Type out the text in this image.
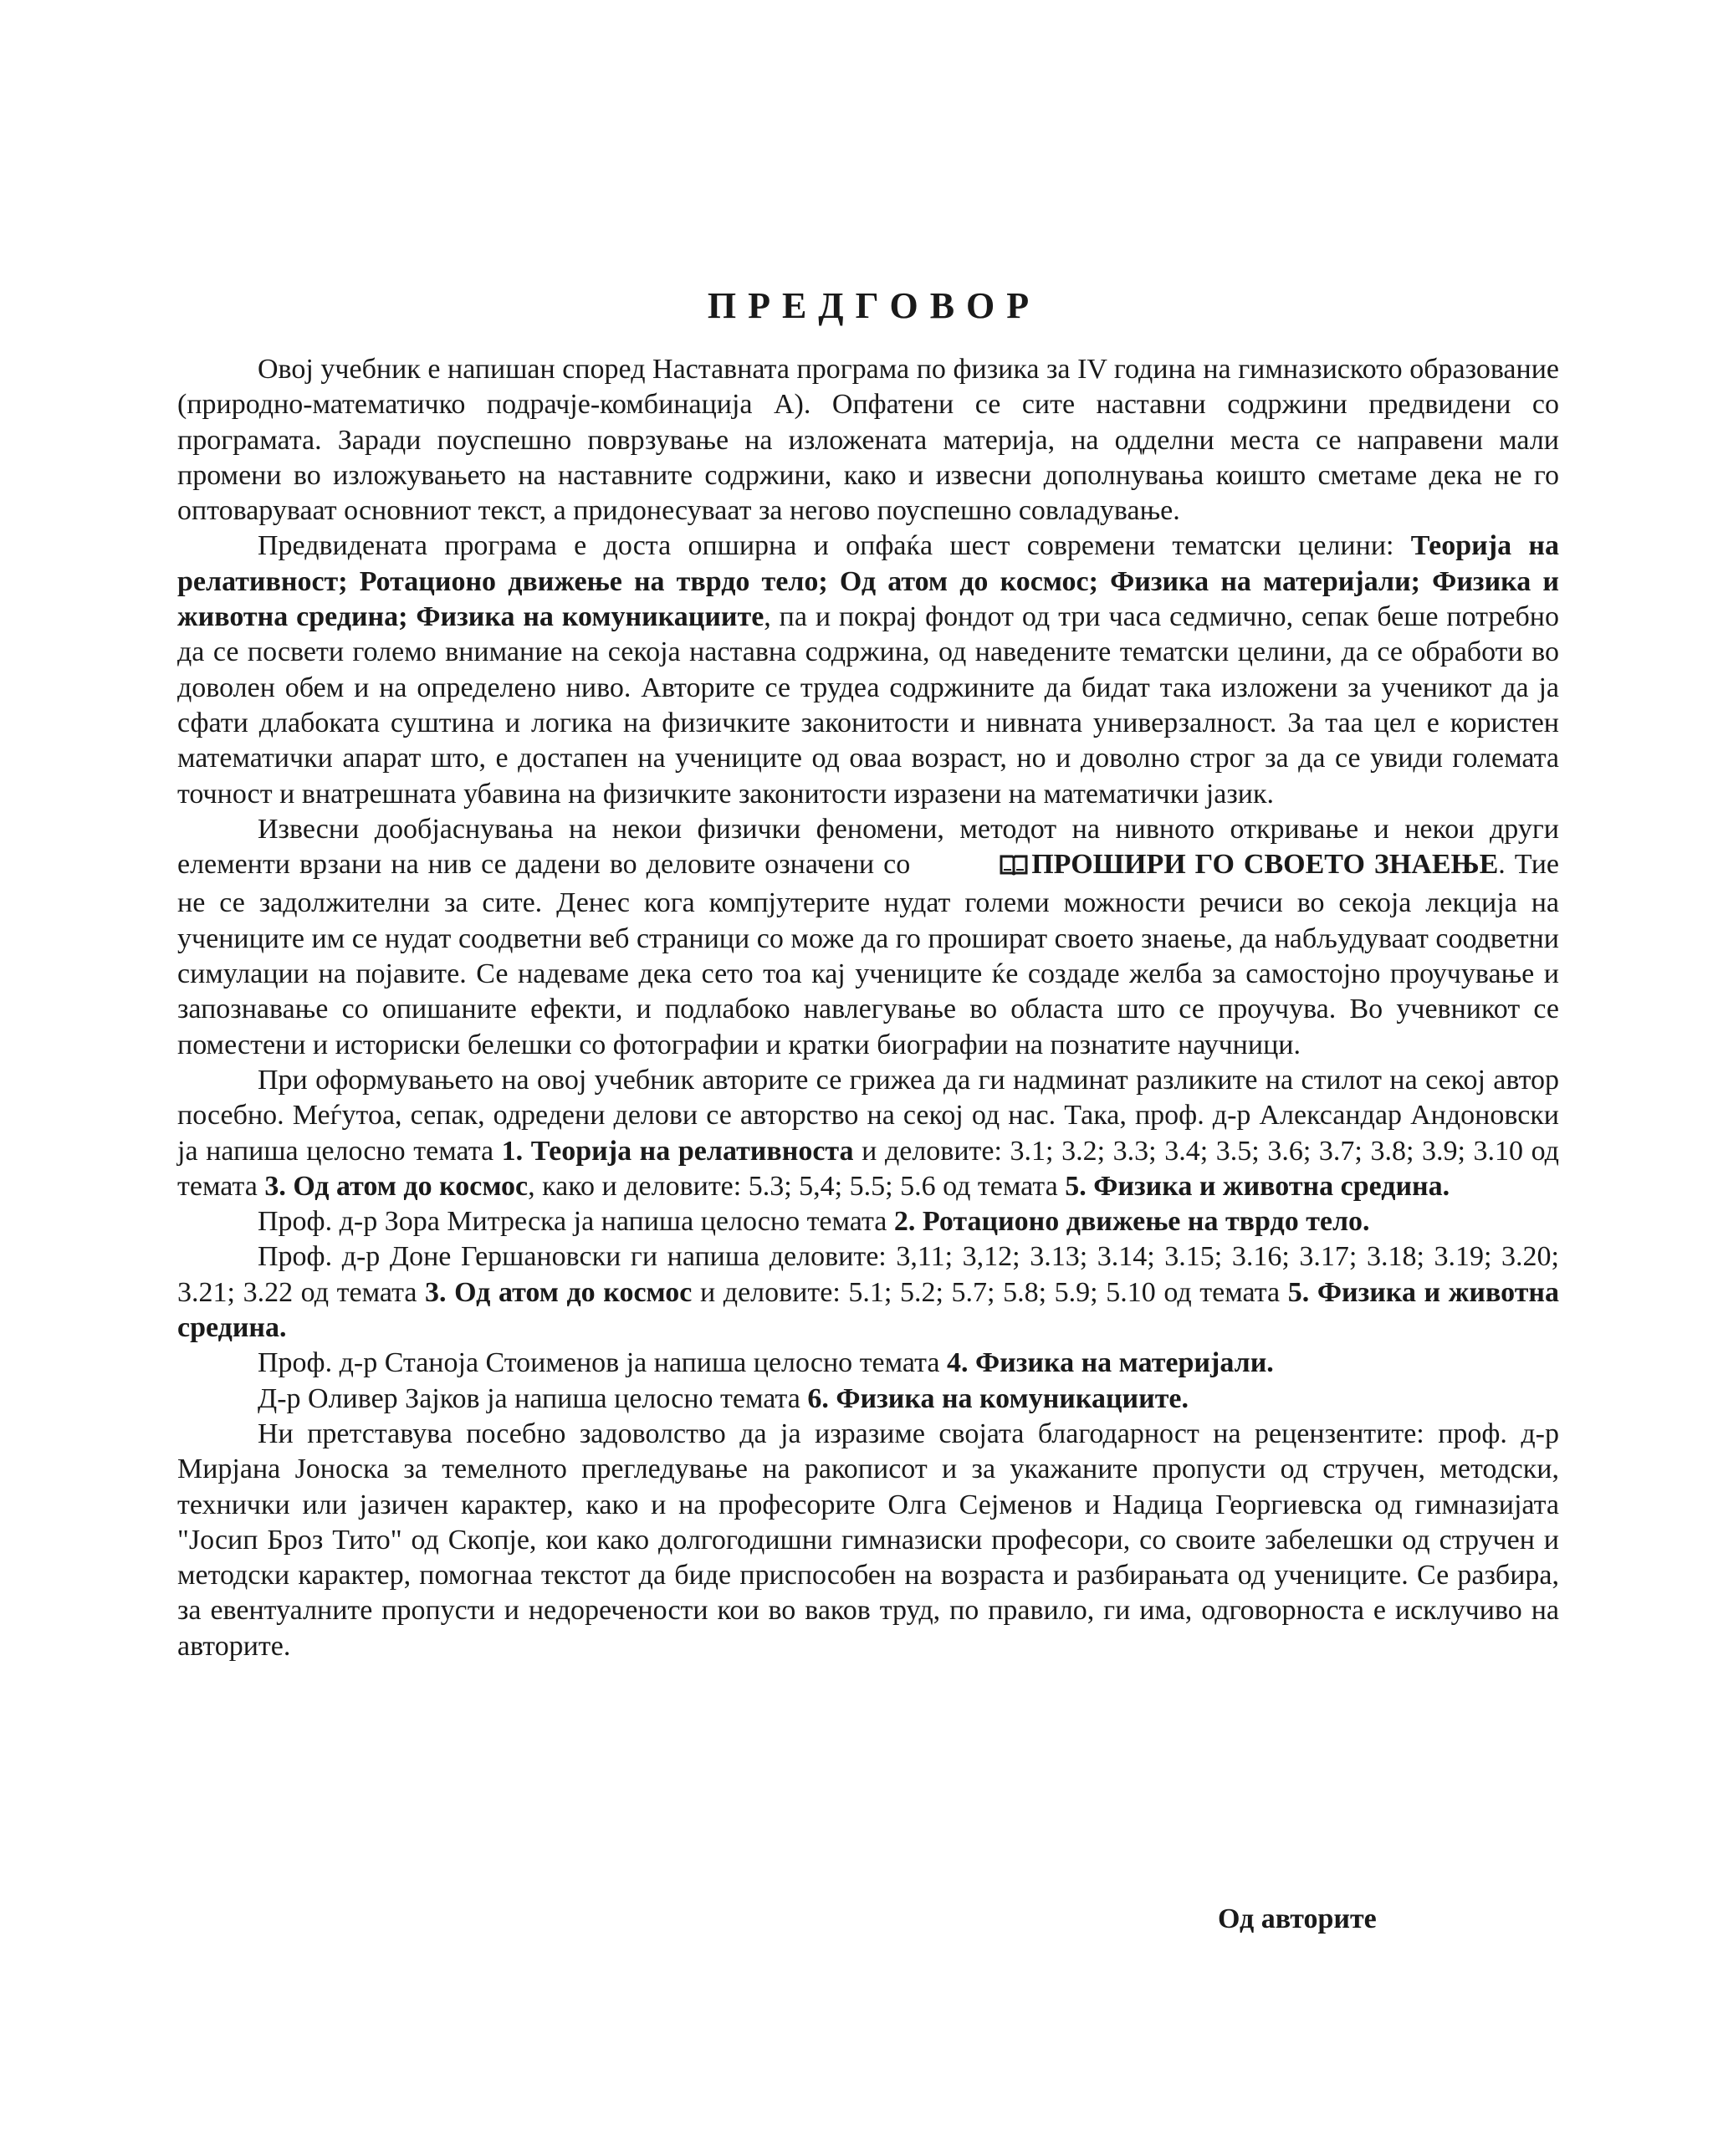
ПРЕДГОВОР

Овој учебник е напишан според Наставната програма по физика за IV година на гимназиското образование (природно-математичко подрачје-комбинација А). Опфатени се сите наставни содржини предвидени со програмата. Заради поуспешно поврзување на изложената материја, на одделни места се направени мали промени во изложувањето на наставните содржини, како и извесни дополнувања коишто сметаме дека не го оптоваруваат основниот текст, а придонесуваат за негово поуспешно совладување.

Предвидената програма е доста опширна и опфаќа шест современи тематски целини: Теорија на релативност; Ротационо движење на тврдо тело; Од атом до космос; Физика на материјали; Физика и животна средина; Физика на комуникациите, па и покрај фондот од три часа седмично, сепак беше потребно да се посвети големо внимание на секоја наставна содржина, од наведените тематски целини, да се обработи во доволен обем и на определено ниво. Авторите се трудеа содржините да бидат така изложени за ученикот да ја сфати длабоката суштина и логика на физичките законитости и нивната универзалност. За таа цел е користен математички апарат што, е достапен на учениците од оваа возраст, но и доволно строг за да се увиди големата точност и внатрешната убавина на физичките законитости изразени на математички јазик.

Извесни дообјаснувања на некои физички феномени, методот на нивното откривање и некои други елементи врзани на нив се дадени во деловите означени со	ПРОШИРИ ГО СВОЕТО ЗНАЕЊЕ. Тие не се задолжителни за сите. Денес кога компјутерите нудат големи можности речиси во секоја лекција на учениците им се нудат соодветни веб страници со може да го прошират своето знаење, да набљудуваат соодветни симулации на појавите. Се надеваме дека сето тоа кај учениците ќе создаде желба за самостојно проучување и запознавање со опишаните ефекти, и подлабоко навлегување во областа што се проучува. Во учевникот се поместени и историски белешки со фотографии и кратки биографии на познатите научници.

При оформувањето на овој учебник авторите се грижеа да ги надминат разликите на стилот на секој автор посебно. Меѓутоа, сепак, одредени делови се авторство на секој од нас. Така, проф. д-р Александар Андоновски ја напиша целосно темата 1. Теорија на релативноста и деловите: 3.1; 3.2; 3.3; 3.4; 3.5; 3.6; 3.7; 3.8; 3.9; 3.10 од темата 3. Од атом до космос, како и деловите: 5.3; 5,4; 5.5; 5.6 од темата 5. Физика и животна средина.

Проф. д-р Зора Митреска ја напиша целосно темата 2. Ротационо движење на тврдо тело.

Проф. д-р Доне Гершановски ги напиша деловите: 3,11; 3,12; 3.13; 3.14; 3.15; 3.16; 3.17; 3.18; 3.19; 3.20; 3.21; 3.22 од темата 3. Од атом до космос и деловите: 5.1; 5.2; 5.7; 5.8; 5.9; 5.10 од темата 5. Физика и животна средина.

Проф. д-р Станоја Стоименов ја напиша целосно темата 4. Физика на материјали.

Д-р Оливер Зајков ја напиша целосно темата 6. Физика на комуникациите.

Ни претставува посебно задоволство да ја изразиме својата благодарност на рецензентите: проф. д-р Мирјана Јоноска за темелното прегледување на ракописот и за укажаните пропусти од стручен, методски, технички или јазичен карактер, како и на професорите Олга Сејменов и Надица Георгиевска од гимназијата "Јосип Броз Тито" од Скопје, кои како долгогодишни гимназиски професори, со своите забелешки од стручен и методски карактер, помогнаа текстот да биде приспособен на возраста и разбирањата од учениците. Се разбира, за евентуалните пропусти и недоречености кои во ваков труд, по правило, ги има, одговорноста е исклучиво на авторите.

Од авторите
